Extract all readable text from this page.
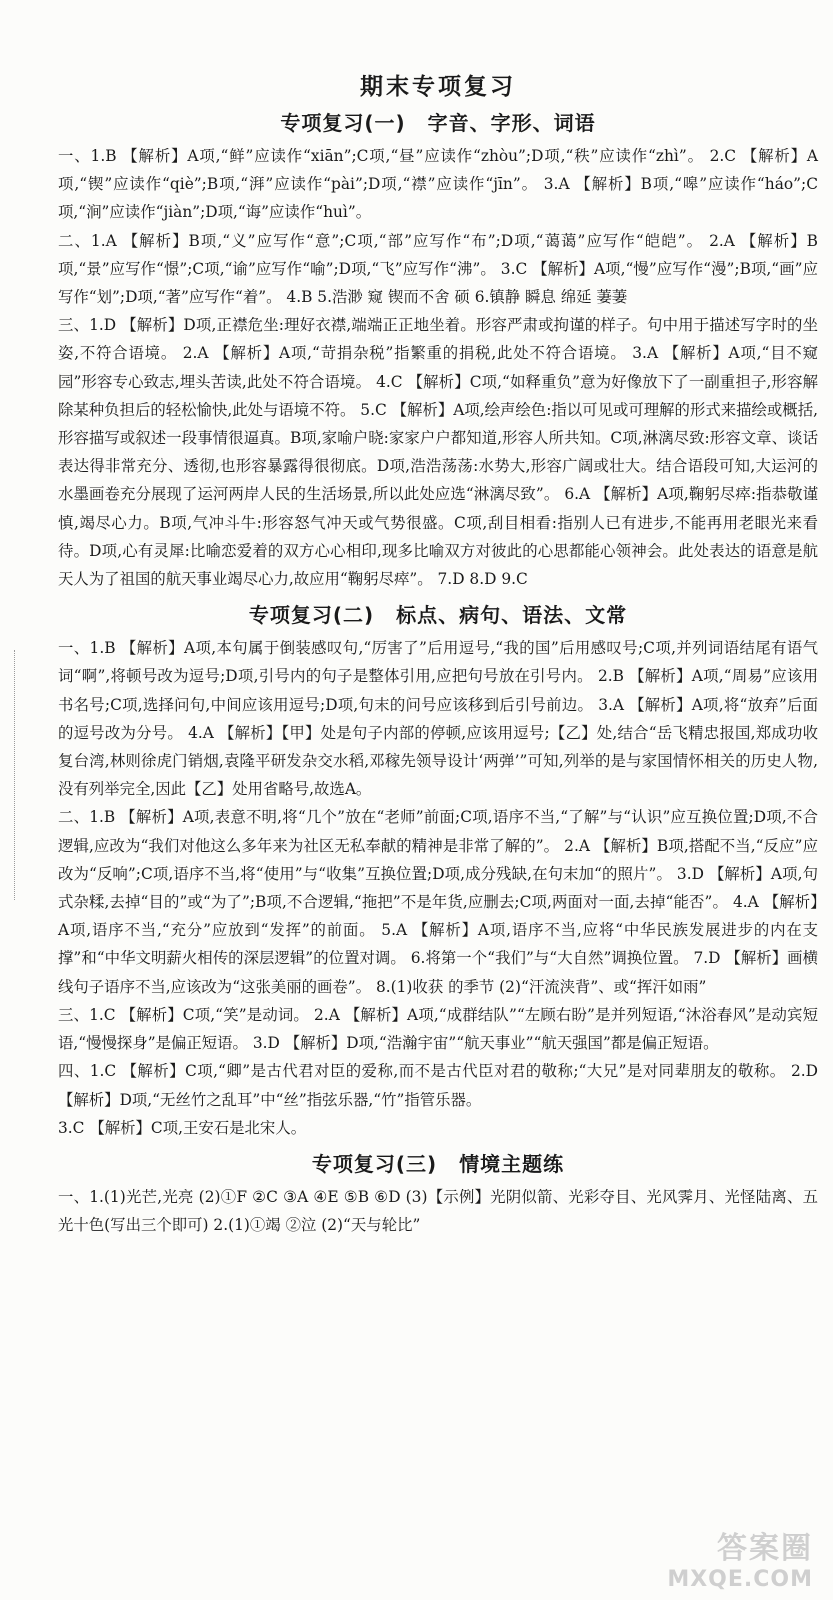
期末专项复习
专项复习(一) 字音、字形、词语

一、1.B 【解析】A项,“鲜”应读作“xiān”;C项,“昼”应读作“zhòu”;D项,“秩”应读作“zhì”。 2.C 【解析】A项,“锲”应读作“qiè”;B项,“湃”应读作“pài”;D项,“襟”应读作“jīn”。 3.A 【解析】B项,“嗥”应读作“háo”;C项,“涧”应读作“jiàn”;D项,“诲”应读作“huì”。

二、1.A 【解析】B项,“义”应写作“意”;C项,“部”应写作“布”;D项,“蔼蔼”应写作“皑皑”。 2.A 【解析】B项,“景”应写作“憬”;C项,“谕”应写作“喻”;D项,“飞”应写作“沸”。 3.C 【解析】A项,“慢”应写作“漫”;B项,“画”应写作“划”;D项,“著”应写作“着”。 4.B 5.浩渺 窥 锲而不舍 硕 6.镇静 瞬息 绵延 萋萋

三、1.D 【解析】D项,正襟危坐:理好衣襟,端端正正地坐着。形容严肃或拘谨的样子。句中用于描述写字时的坐姿,不符合语境。 2.A 【解析】A项,“苛捐杂税”指繁重的捐税,此处不符合语境。 3.A 【解析】A项,“目不窥园”形容专心致志,埋头苦读,此处不符合语境。 4.C 【解析】C项,“如释重负”意为好像放下了一副重担子,形容解除某种负担后的轻松愉快,此处与语境不符。 5.C 【解析】A项,绘声绘色:指以可见或可理解的形式来描绘或概括,形容描写或叙述一段事情很逼真。B项,家喻户晓:家家户户都知道,形容人所共知。C项,淋漓尽致:形容文章、谈话表达得非常充分、透彻,也形容暴露得很彻底。D项,浩浩荡荡:水势大,形容广阔或壮大。结合语段可知,大运河的水墨画卷充分展现了运河两岸人民的生活场景,所以此处应选“淋漓尽致”。 6.A 【解析】A项,鞠躬尽瘁:指恭敬谨慎,竭尽心力。B项,气冲斗牛:形容怒气冲天或气势很盛。C项,刮目相看:指别人已有进步,不能再用老眼光来看待。D项,心有灵犀:比喻恋爱着的双方心心相印,现多比喻双方对彼此的心思都能心领神会。此处表达的语意是航天人为了祖国的航天事业竭尽心力,故应用“鞠躬尽瘁”。 7.D 8.D 9.C

专项复习(二) 标点、病句、语法、文常

一、1.B 【解析】A项,本句属于倒装感叹句,“厉害了”后用逗号,“我的国”后用感叹号;C项,并列词语结尾有语气词“啊”,将顿号改为逗号;D项,引号内的句子是整体引用,应把句号放在引号内。 2.B 【解析】A项,“周易”应该用书名号;C项,选择问句,中间应该用逗号;D项,句末的问号应该移到后引号前边。 3.A 【解析】A项,将“放弃”后面的逗号改为分号。 4.A 【解析】【甲】处是句子内部的停顿,应该用逗号;【乙】处,结合“岳飞精忠报国,郑成功收复台湾,林则徐虎门销烟,袁隆平研发杂交水稻,邓稼先领导设计‘两弹’”可知,列举的是与家国情怀相关的历史人物,没有列举完全,因此【乙】处用省略号,故选A。

二、1.B 【解析】A项,表意不明,将“几个”放在“老师”前面;C项,语序不当,“了解”与“认识”应互换位置;D项,不合逻辑,应改为“我们对他这么多年来为社区无私奉献的精神是非常了解的”。 2.A 【解析】B项,搭配不当,“反应”应改为“反响”;C项,语序不当,将“使用”与“收集”互换位置;D项,成分残缺,在句末加“的照片”。 3.D 【解析】A项,句式杂糅,去掉“目的”或“为了”;B项,不合逻辑,“拖把”不是年货,应删去;C项,两面对一面,去掉“能否”。 4.A 【解析】A项,语序不当,“充分”应放到“发挥”的前面。 5.A 【解析】A项,语序不当,应将“中华民族发展进步的内在支撑”和“中华文明薪火相传的深层逻辑”的位置对调。 6.将第一个“我们”与“大自然”调换位置。 7.D 【解析】画横线句子语序不当,应该改为“这张美丽的画卷”。 8.(1)收获 的季节 (2)“汗流浃背”、或“挥汗如雨”

三、1.C 【解析】C项,“笑”是动词。 2.A 【解析】A项,“成群结队”“左顾右盼”是并列短语,“沐浴春风”是动宾短语,“慢慢探身”是偏正短语。 3.D 【解析】D项,“浩瀚宇宙”“航天事业”“航天强国”都是偏正短语。

四、1.C 【解析】C项,“卿”是古代君对臣的爱称,而不是古代臣对君的敬称;“大兄”是对同辈朋友的敬称。 2.D 【解析】D项,“无丝竹之乱耳”中“丝”指弦乐器,“竹”指管乐器。

3.C 【解析】C项,王安石是北宋人。

专项复习(三) 情境主题练

一、1.(1)光芒,光亮 (2)①F ②C ③A ④E ⑤B ⑥D (3)【示例】光阴似箭、光彩夺目、光风霁月、光怪陆离、五光十色(写出三个即可) 2.(1)①竭 ②泣 (2)“天与轮比”

答案圈
MXQE.COM
